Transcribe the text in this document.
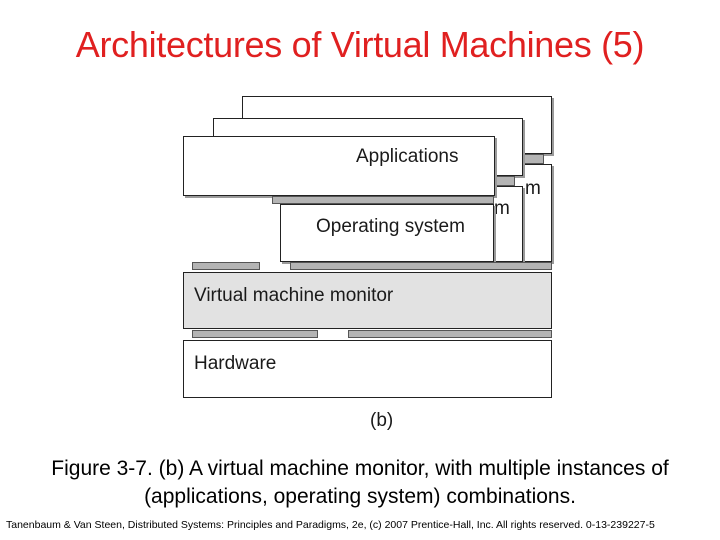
Architectures of Virtual Machines (5)
m
m
Applications
Operating system
Virtual machine monitor
Hardware
(b)
Figure 3-7. (b) A virtual machine monitor, with multiple instances of (applications, operating system) combinations.
Tanenbaum & Van Steen, Distributed Systems: Principles and Paradigms, 2e, (c) 2007 Prentice-Hall, Inc. All rights reserved. 0-13-239227-5
